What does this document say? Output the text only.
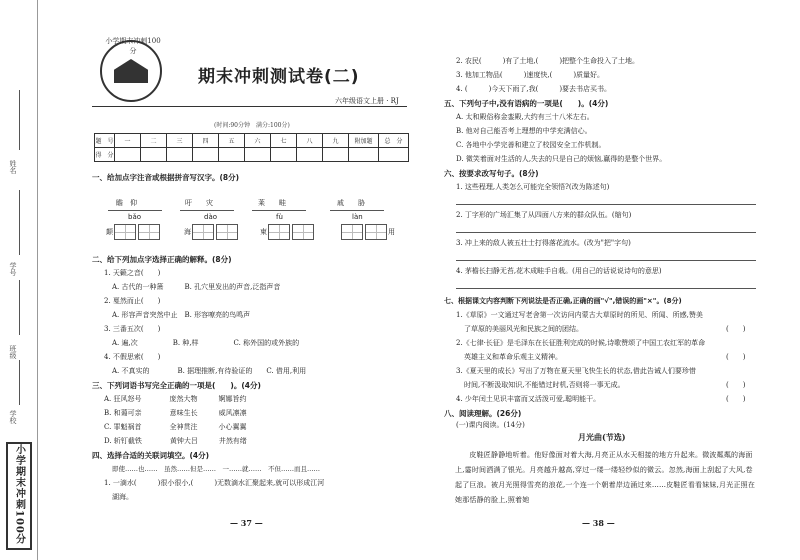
姓名
学号
班级
学校
小学期末冲刺100分
小学期末冲刺100分
期末冲刺测试卷(二)
六年级语文上册 · RJ
(时间:90分钟　满分:100分)
题　号	一	二	三	四	五	六	七	八	九	附加题	总　分
得　分											
一、给加点字注音或根据拼音写汉字。(8分)
瞻　仰	吁　　灾	莱　　畦	戚　　胁
bǎo	dào	fù	làn
颠	海	柬	用
二、给下列加点字选择正确的解释。(8分)
1. 天籁之音(　　)
A. 古代的一种箫　　　B. 孔穴里发出的声音,泛指声音
2. 戛然而止(　　)
A. 形容声音突然中止　B. 形容嘹亮的鸟鸣声
3. 三番五次(　　)
A. 遍,次　　　　　B. 种,样　　　　　C. 称外国的或外族的
4. 不假思索(　　)
A. 不真实的　　　　B. 据理推断,有待验证的　　C. 借用,利用
三、下列词语书写完全正确的一项是(　　)。(4分)
A. 狂风怒号　　　　庞然大物　　　婀娜旨约
B. 和蔼可亲　　　　意味生长　　　威风凛凛
C. 罪魁祸首　　　　全神贯注　　　小心翼翼
D. 斩钉截铁　　　　黄钟大吕　　　井然有绪
四、选择合适的关联词填空。(4分)
即使……也……　虽然……但是……　一……就……　不但……而且……
1. 一滴水(　　　)很小很小,(　　　)无数滴水汇聚起来,就可以形成江河
湖海。
— 37 —
2. 农民(　　　)有了土地,(　　　)把整个生命投入了土地。
3. 他加工物品(　　　)速度快,(　　　)质量好。
4. (　　　)今天下雨了,我(　　　)要去书店买书。
五、下列句子中,没有语病的一项是(　　)。(4分)
A. 太和殿俗称金銮殿,大约有三十八米左右。
B. 他对自己能否考上理想的中学充满信心。
C. 各地中小学完善和建立了校园安全工作机制。
D. 微笑着面对生活的人,失去的只是自己的烦恼,赢得的是整个世界。
六、按要求改写句子。(8分)
1. 这些程理,人类怎么可能完全领悟?(改为陈述句)
2. 丁字形的广场汇集了从四面八方来的群众队伍。(缩句)
3. 冲上来的敌人被五壮士打得落花流水。(改为"把"字句)
4. 茅檐长扫静无苔,花木成畦手自栽。(用自己的话说说诗句的意思)
七、根据课文内容判断下列说法是否正确,正确的画"√",错误的画"×"。(8分)
1.《草原》一文通过写老舍第一次访问内蒙古大草原时的所见、所闻、所感,赞美
了草原的美丽风光和民族之间的团结。	(　　)
2.《七律·长征》是毛泽东在长征胜利完成的时候,诗歌赞颂了中国工农红军的革命
英雄主义和革命乐观主义精神。	(　　)
3.《夏天里的成长》写出了万物在夏天里飞快生长的状态,借此告诫人们要珍惜
时间,不断汲取知识,不能错过时机,否则将一事无成。	(　　)
4. 少年闰土见识丰富而又活泼可爱,聪明能干。	(　　)
八、阅读理解。(26分)
(一)课内阅读。(14分)
月光曲(节选)
　　皮鞋匠静静地听着。他好像面对着大海,月亮正从水天相接的地方升起来。微波粼粼的海面上,霎时间洒满了银光。月亮越升越高,穿过一缕一缕轻纱似的微云。忽然,海面上刮起了大风,卷起了巨浪。被月光照得雪亮的浪花,一个连一个朝着岸边涌过来……皮鞋匠看看妹妹,月光正照在她那恬静的脸上,照着她
— 38 —
